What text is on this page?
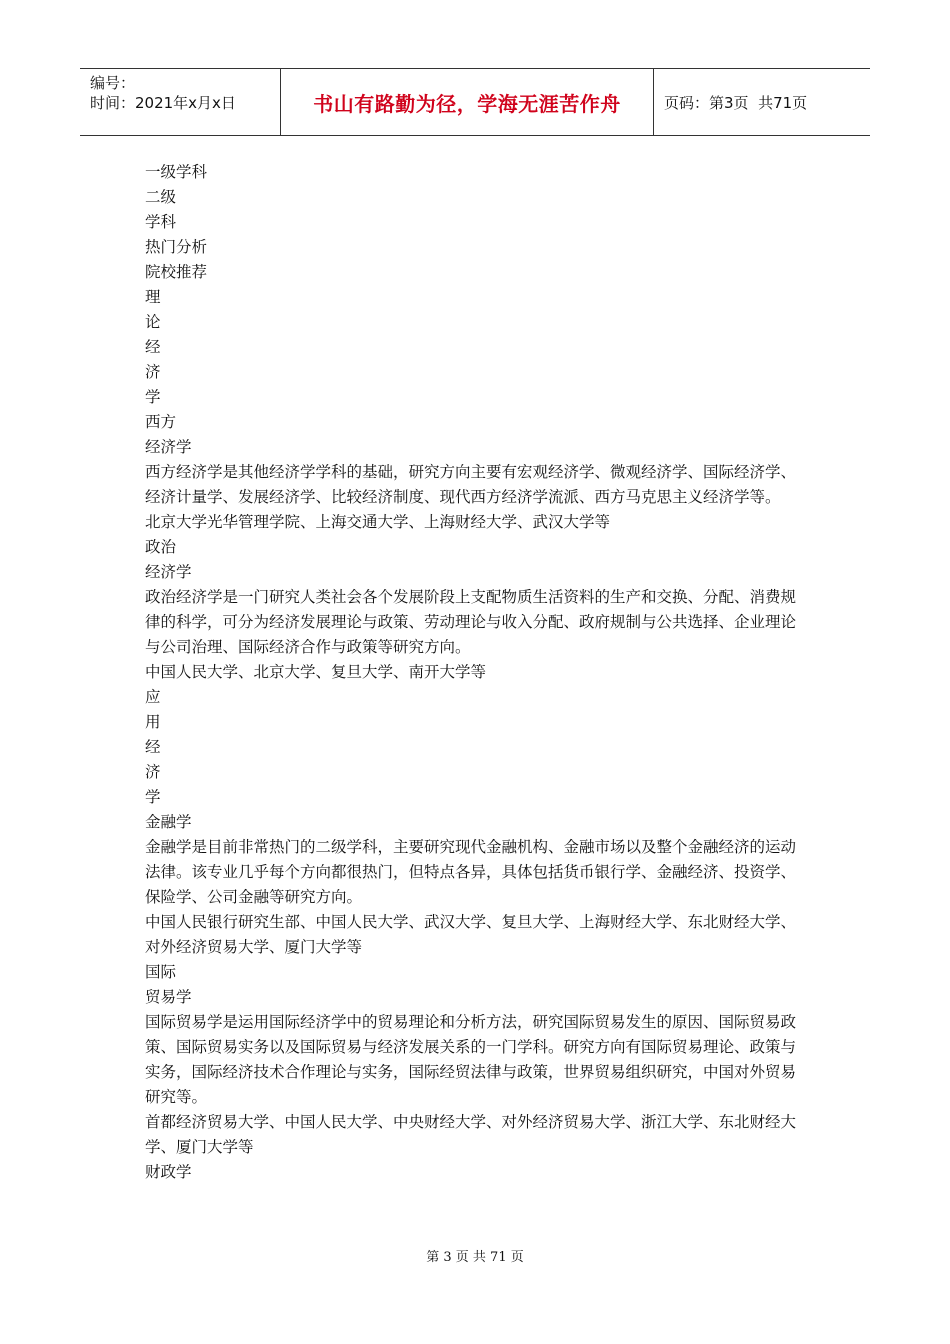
编号：
时间：2021年x月x日	书山有路勤为径，学海无涯苦作舟	页码：第3页  共71页

一级学科

二级

学科

热门分析

院校推荐

理

论

经

济

学

西方

经济学

西方经济学是其他经济学学科的基础，研究方向主要有宏观经济学、微观经济学、国际经济学、经济计量学、发展经济学、比较经济制度、现代西方经济学流派、西方马克思主义经济学等。

北京大学光华管理学院、上海交通大学、上海财经大学、武汉大学等

政治

经济学

政治经济学是一门研究人类社会各个发展阶段上支配物质生活资料的生产和交换、分配、消费规律的科学，可分为经济发展理论与政策、劳动理论与收入分配、政府规制与公共选择、企业理论与公司治理、国际经济合作与政策等研究方向。

中国人民大学、北京大学、复旦大学、南开大学等

应

用

经

济

学

金融学

金融学是目前非常热门的二级学科，主要研究现代金融机构、金融市场以及整个金融经济的运动法律。该专业几乎每个方向都很热门，但特点各异，具体包括货币银行学、金融经济、投资学、保险学、公司金融等研究方向。

中国人民银行研究生部、中国人民大学、武汉大学、复旦大学、上海财经大学、东北财经大学、对外经济贸易大学、厦门大学等

国际

贸易学

国际贸易学是运用国际经济学中的贸易理论和分析方法，研究国际贸易发生的原因、国际贸易政策、国际贸易实务以及国际贸易与经济发展关系的一门学科。研究方向有国际贸易理论、政策与实务，国际经济技术合作理论与实务，国际经贸法律与政策，世界贸易组织研究，中国对外贸易研究等。

首都经济贸易大学、中国人民大学、中央财经大学、对外经济贸易大学、浙江大学、东北财经大学、厦门大学等

财政学

第 3 页 共 71 页
